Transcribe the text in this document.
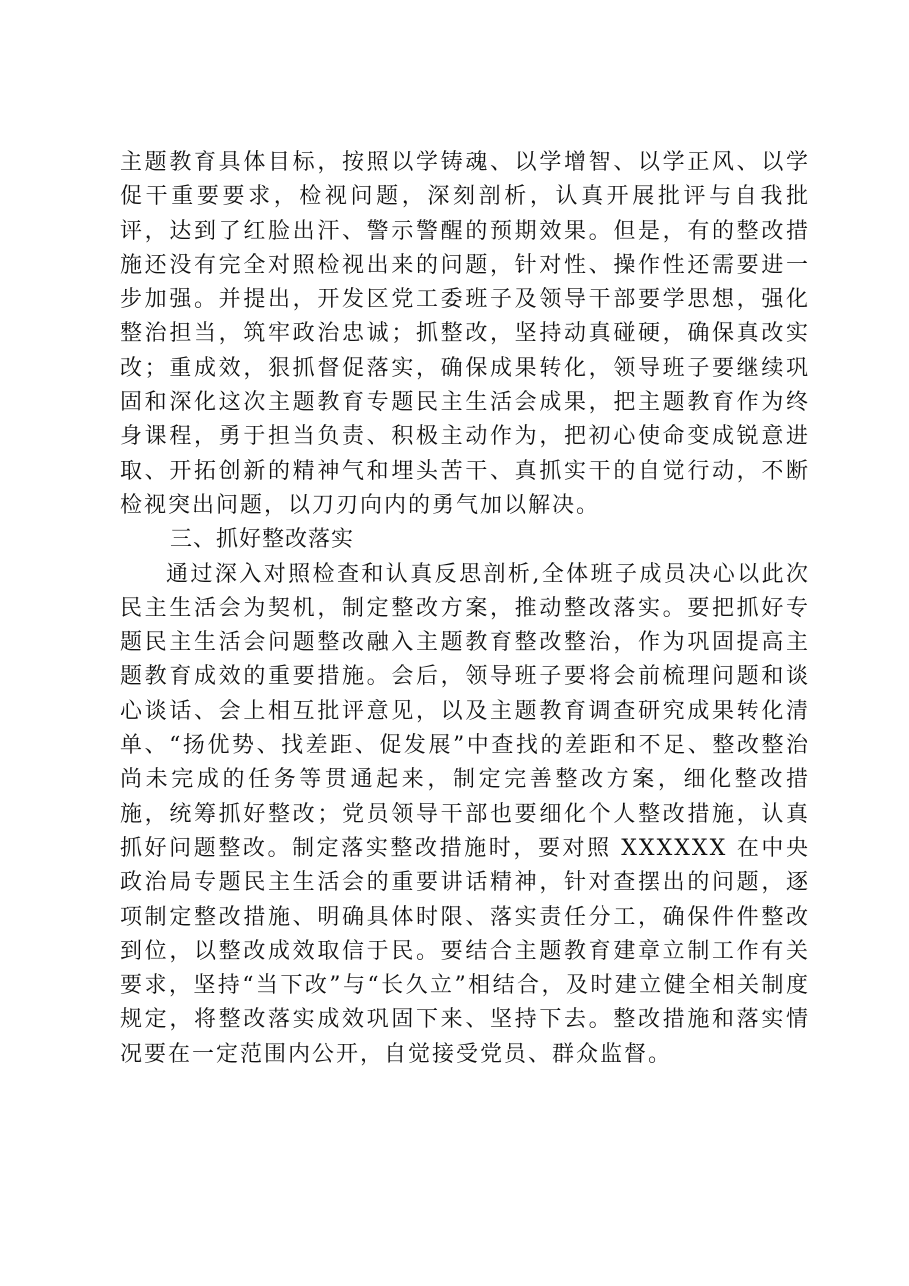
主题教育具体目标，按照以学铸魂、以学增智、以学正风、以学促干重要要求，检视问题，深刻剖析，认真开展批评与自我批评，达到了红脸出汗、警示警醒的预期效果。但是，有的整改措施还没有完全对照检视出来的问题，针对性、操作性还需要进一步加强。并提出，开发区党工委班子及领导干部要学思想，强化整治担当，筑牢政治忠诚；抓整改，坚持动真碰硬，确保真改实改；重成效，狠抓督促落实，确保成果转化，领导班子要继续巩固和深化这次主题教育专题民主生活会成果，把主题教育作为终身课程，勇于担当负责、积极主动作为，把初心使命变成锐意进取、开拓创新的精神气和埋头苦干、真抓实干的自觉行动，不断检视突出问题，以刀刃向内的勇气加以解决。

三、抓好整改落实

通过深入对照检查和认真反思剖析,全体班子成员决心以此次民主生活会为契机，制定整改方案，推动整改落实。要把抓好专题民主生活会问题整改融入主题教育整改整治，作为巩固提高主题教育成效的重要措施。会后，领导班子要将会前梳理问题和谈心谈话、会上相互批评意见，以及主题教育调查研究成果转化清单、“扬优势、找差距、促发展”中查找的差距和不足、整改整治尚未完成的任务等贯通起来，制定完善整改方案，细化整改措施，统筹抓好整改；党员领导干部也要细化个人整改措施，认真抓好问题整改。制定落实整改措施时，要对照 XXXXXX 在中央政治局专题民主生活会的重要讲话精神，针对查摆出的问题，逐项制定整改措施、明确具体时限、落实责任分工，确保件件整改到位，以整改成效取信于民。要结合主题教育建章立制工作有关要求，坚持“当下改”与“长久立”相结合，及时建立健全相关制度规定，将整改落实成效巩固下来、坚持下去。整改措施和落实情况要在一定范围内公开，自觉接受党员、群众监督。
